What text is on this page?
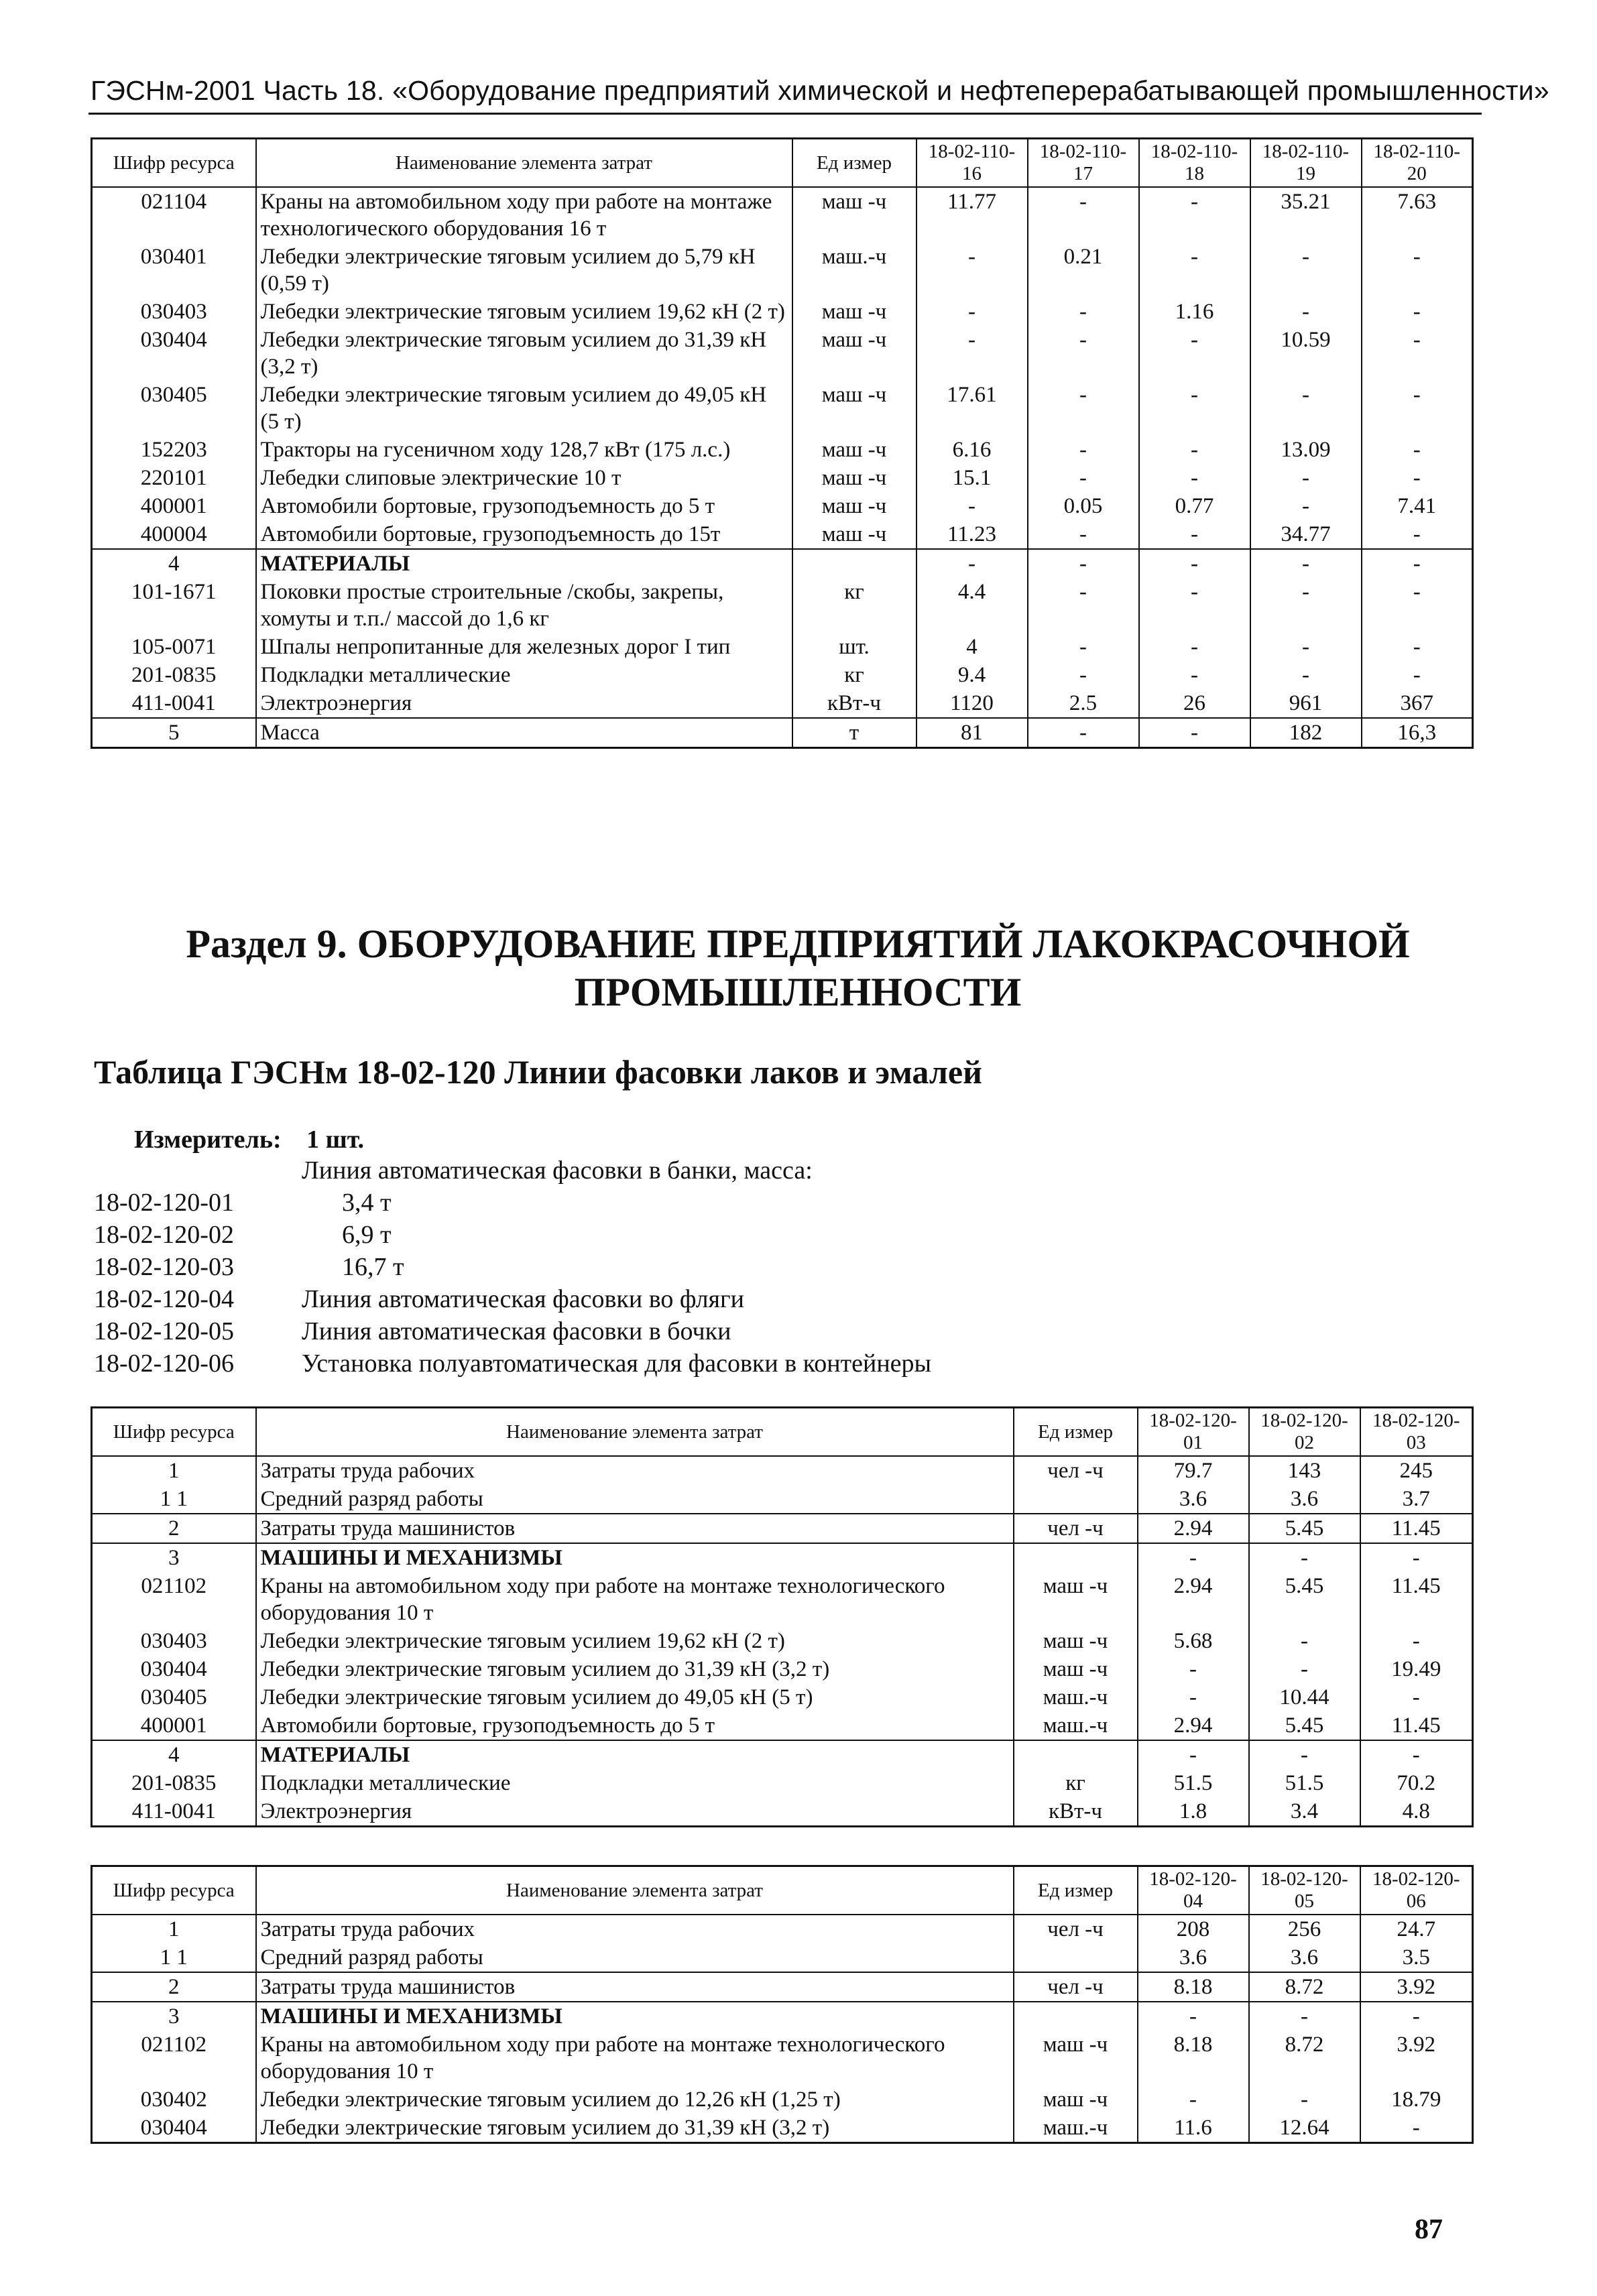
ГЭСНм-2001 Часть 18. «Оборудование предприятий химической и нефтеперерабатывающей промышленности»
Шифр ресурса	Наименование элемента затрат	Ед измер	18-02-110-16	18-02-110-17	18-02-110-18	18-02-110-19	18-02-110-20
021104	Краны на автомобильном ходу при работе на монтаже технологического оборудования 16 т	маш -ч	11.77	-	-	35.21	7.63
030401	Лебедки электрические тяговым усилием до 5,79 кН (0,59 т)	маш.-ч	-	0.21	-	-	-
030403	Лебедки электрические тяговым усилием 19,62 кН (2 т)	маш -ч	-	-	1.16	-	-
030404	Лебедки электрические тяговым усилием до 31,39 кН (3,2 т)	маш -ч	-	-	-	10.59	-
030405	Лебедки электрические тяговым усилием до 49,05 кН (5 т)	маш -ч	17.61	-	-	-	-
152203	Тракторы на гусеничном ходу 128,7 кВт (175 л.с.)	маш -ч	6.16	-	-	13.09	-
220101	Лебедки слиповые электрические 10 т	маш -ч	15.1	-	-	-	-
400001	Автомобили бортовые, грузоподъемность до 5 т	маш -ч	-	0.05	0.77	-	7.41
400004	Автомобили бортовые, грузоподъемность до 15т	маш -ч	11.23	-	-	34.77	-
4	МАТЕРИАЛЫ		-	-	-	-	-
101-1671	Поковки простые строительные /скобы, закрепы, хомуты и т.п./ массой до 1,6 кг	кг	4.4	-	-	-	-
105-0071	Шпалы непропитанные для железных дорог I тип	шт.	4	-	-	-	-
201-0835	Подкладки металлические	кг	9.4	-	-	-	-
411-0041	Электроэнергия	кВт-ч	1120	2.5	26	961	367
5	Масса	т	81	-	-	182	16,3
Раздел 9. ОБОРУДОВАНИЕ ПРЕДПРИЯТИЙ ЛАКОКРАСОЧНОЙ
ПРОМЫШЛЕННОСТИ
Таблица ГЭСНм 18-02-120 Линии фасовки лаков и эмалей
Измеритель: 1 шт.
Линия автоматическая фасовки в банки, масса:
18-02-120-01	3,4 т
18-02-120-02	6,9 т
18-02-120-03	16,7 т
18-02-120-04	Линия автоматическая фасовки во фляги
18-02-120-05	Линия автоматическая фасовки в бочки
18-02-120-06	Установка полуавтоматическая для фасовки в контейнеры
Шифр ресурса	Наименование элемента затрат	Ед измер	18-02-120-01	18-02-120-02	18-02-120-03
1	Затраты труда рабочих	чел -ч	79.7	143	245
1 1	Средний разряд работы		3.6	3.6	3.7
2	Затраты труда машинистов	чел -ч	2.94	5.45	11.45
3	МАШИНЫ И МЕХАНИЗМЫ		-	-	-
021102	Краны на автомобильном ходу при работе на монтаже технологического оборудования 10 т	маш -ч	2.94	5.45	11.45
030403	Лебедки электрические тяговым усилием 19,62 кН (2 т)	маш -ч	5.68	-	-
030404	Лебедки электрические тяговым усилием до 31,39 кН (3,2 т)	маш -ч	-	-	19.49
030405	Лебедки электрические тяговым усилием до 49,05 кН (5 т)	маш.-ч	-	10.44	-
400001	Автомобили бортовые, грузоподъемность до 5 т	маш.-ч	2.94	5.45	11.45
4	МАТЕРИАЛЫ		-	-	-
201-0835	Подкладки металлические	кг	51.5	51.5	70.2
411-0041	Электроэнергия	кВт-ч	1.8	3.4	4.8
Шифр ресурса	Наименование элемента затрат	Ед измер	18-02-120-04	18-02-120-05	18-02-120-06
1	Затраты труда рабочих	чел -ч	208	256	24.7
1 1	Средний разряд работы		3.6	3.6	3.5
2	Затраты труда машинистов	чел -ч	8.18	8.72	3.92
3	МАШИНЫ И МЕХАНИЗМЫ		-	-	-
021102	Краны на автомобильном ходу при работе на монтаже технологического оборудования 10 т	маш -ч	8.18	8.72	3.92
030402	Лебедки электрические тяговым усилием до 12,26 кН (1,25 т)	маш -ч	-	-	18.79
030404	Лебедки электрические тяговым усилием до 31,39 кН (3,2 т)	маш.-ч	11.6	12.64	-
87
